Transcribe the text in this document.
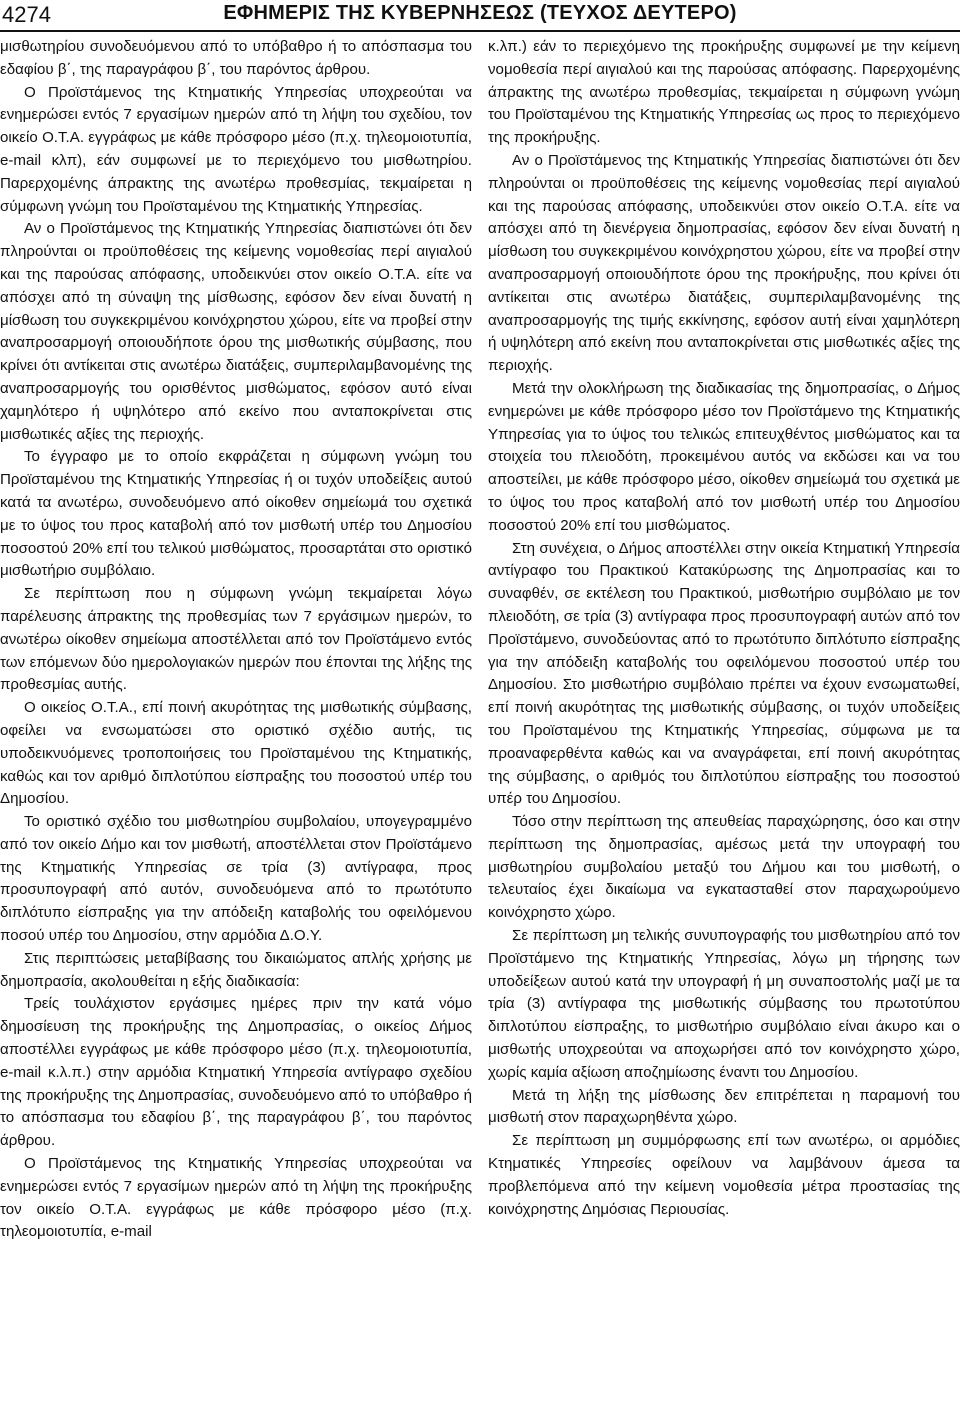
4274	ΕΦΗΜΕΡΙΣ ΤΗΣ ΚΥΒΕΡΝΗΣΕΩΣ (ΤΕΥΧΟΣ ΔΕΥΤΕΡΟ)

μισθωτηρίου συνοδευόμενου από το υπόβαθρο ή το απόσπασμα του εδαφίου β΄, της παραγράφου β΄, του παρόντος άρθρου.

Ο Προϊστάμενος της Κτηματικής Υπηρεσίας υποχρεούται να ενημερώσει εντός 7 εργασίμων ημερών από τη λήψη του σχεδίου, τον οικείο Ο.Τ.Α. εγγράφως με κάθε πρόσφορο μέσο (π.χ. τηλεομοιοτυπία, e-mail κλπ), εάν συμφωνεί με το περιεχόμενο του μισθωτηρίου. Παρερχομένης άπρακτης της ανωτέρω προθεσμίας, τεκμαίρεται η σύμφωνη γνώμη του Προϊσταμένου της Κτηματικής Υπηρεσίας.

Αν ο Προϊστάμενος της Κτηματικής Υπηρεσίας διαπιστώνει ότι δεν πληρούνται οι προϋποθέσεις της κείμενης νομοθεσίας περί αιγιαλού και της παρούσας απόφασης, υποδεικνύει στον οικείο Ο.Τ.Α. είτε να απόσχει από τη σύναψη της μίσθωσης, εφόσον δεν είναι δυνατή η μίσθωση του συγκεκριμένου κοινόχρηστου χώρου, είτε να προβεί στην αναπροσαρμογή οποιουδήποτε όρου της μισθωτικής σύμβασης, που κρίνει ότι αντίκειται στις ανωτέρω διατάξεις, συμπεριλαμβανομένης της αναπροσαρμογής του ορισθέντος μισθώματος, εφόσον αυτό είναι χαμηλότερο ή υψηλότερο από εκείνο που ανταποκρίνεται στις μισθωτικές αξίες της περιοχής.

Το έγγραφο με το οποίο εκφράζεται η σύμφωνη γνώμη του Προϊσταμένου της Κτηματικής Υπηρεσίας ή οι τυχόν υποδείξεις αυτού κατά τα ανωτέρω, συνοδευόμενο από οίκοθεν σημείωμά του σχετικά με το ύψος του προς καταβολή από τον μισθωτή υπέρ του Δημοσίου ποσοστού 20% επί του τελικού μισθώματος, προσαρτάται στο οριστικό μισθωτήριο συμβόλαιο.

Σε περίπτωση που η σύμφωνη γνώμη τεκμαίρεται λόγω παρέλευσης άπρακτης της προθεσμίας των 7 εργάσιμων ημερών, το ανωτέρω οίκοθεν σημείωμα αποστέλλεται από τον Προϊστάμενο εντός των επόμενων δύο ημερολογιακών ημερών που έπονται της λήξης της προθεσμίας αυτής.

Ο οικείος Ο.Τ.Α., επί ποινή ακυρότητας της μισθωτικής σύμβασης, οφείλει να ενσωματώσει στο οριστικό σχέδιο αυτής, τις υποδεικνυόμενες τροποποιήσεις του Προϊσταμένου της Κτηματικής, καθώς και τον αριθμό διπλοτύπου είσπραξης του ποσοστού υπέρ του Δημοσίου.

Το οριστικό σχέδιο του μισθωτηρίου συμβολαίου, υπογεγραμμένο από τον οικείο Δήμο και τον μισθωτή, αποστέλλεται στον Προϊστάμενο της Κτηματικής Υπηρεσίας σε τρία (3) αντίγραφα, προς προσυπογραφή από αυτόν, συνοδευόμενα από το πρωτότυπο διπλότυπο είσπραξης για την απόδειξη καταβολής του οφειλόμενου ποσού υπέρ του Δημοσίου, στην αρμόδια Δ.Ο.Υ.

Στις περιπτώσεις μεταβίβασης του δικαιώματος απλής χρήσης με δημοπρασία, ακολουθείται η εξής διαδικασία:

Τρείς τουλάχιστον εργάσιμες ημέρες πριν την κατά νόμο δημοσίευση της προκήρυξης της Δημοπρασίας, ο οικείος Δήμος αποστέλλει εγγράφως με κάθε πρόσφορο μέσο (π.χ. τηλεομοιοτυπία, e-mail κ.λ.π.) στην αρμόδια Κτηματική Υπηρεσία αντίγραφο σχεδίου της προκήρυξης της Δημοπρασίας, συνοδευόμενο από το υπόβαθρο ή το απόσπασμα του εδαφίου β΄, της παραγράφου β΄, του παρόντος άρθρου.

Ο Προϊστάμενος της Κτηματικής Υπηρεσίας υποχρεούται να ενημερώσει εντός 7 εργασίμων ημερών από τη λήψη της προκήρυξης τον οικείο Ο.Τ.Α. εγγράφως με κάθε πρόσφορο μέσο (π.χ. τηλεομοιοτυπία, e-mail

κ.λπ.) εάν το περιεχόμενο της προκήρυξης συμφωνεί με την κείμενη νομοθεσία περί αιγιαλού και της παρούσας απόφασης. Παρερχομένης άπρακτης της ανωτέρω προθεσμίας, τεκμαίρεται η σύμφωνη γνώμη του Προϊσταμένου της Κτηματικής Υπηρεσίας ως προς το περιεχόμενο της προκήρυξης.

Αν ο Προϊστάμενος της Κτηματικής Υπηρεσίας διαπιστώνει ότι δεν πληρούνται οι προϋποθέσεις της κείμενης νομοθεσίας περί αιγιαλού και της παρούσας απόφασης, υποδεικνύει στον οικείο Ο.Τ.Α. είτε να απόσχει από τη διενέργεια δημοπρασίας, εφόσον δεν είναι δυνατή η μίσθωση του συγκεκριμένου κοινόχρηστου χώρου, είτε να προβεί στην αναπροσαρμογή οποιουδήποτε όρου της προκήρυξης, που κρίνει ότι αντίκειται στις ανωτέρω διατάξεις, συμπεριλαμβανομένης της αναπροσαρμογής της τιμής εκκίνησης, εφόσον αυτή είναι χαμηλότερη ή υψηλότερη από εκείνη που ανταποκρίνεται στις μισθωτικές αξίες της περιοχής.

Μετά την ολοκλήρωση της διαδικασίας της δημοπρασίας, ο Δήμος ενημερώνει με κάθε πρόσφορο μέσο τον Προϊστάμενο της Κτηματικής Υπηρεσίας για το ύψος του τελικώς επιτευχθέντος μισθώματος και τα στοιχεία του πλειοδότη, προκειμένου αυτός να εκδώσει και να του αποστείλει, με κάθε πρόσφορο μέσο, οίκοθεν σημείωμά του σχετικά με το ύψος του προς καταβολή από τον μισθωτή υπέρ του Δημοσίου ποσοστού 20% επί του μισθώματος.

Στη συνέχεια, ο Δήμος αποστέλλει στην οικεία Κτηματική Υπηρεσία αντίγραφο του Πρακτικού Κατακύρωσης της Δημοπρασίας και το συναφθέν, σε εκτέλεση του Πρακτικού, μισθωτήριο συμβόλαιο με τον πλειοδότη, σε τρία (3) αντίγραφα προς προσυπογραφή αυτών από τον Προϊστάμενο, συνοδεύοντας από το πρωτότυπο διπλότυπο είσπραξης για την απόδειξη καταβολής του οφειλόμενου ποσοστού υπέρ του Δημοσίου. Στο μισθωτήριο συμβόλαιο πρέπει να έχουν ενσωματωθεί, επί ποινή ακυρότητας της μισθωτικής σύμβασης, οι τυχόν υποδείξεις του Προϊσταμένου της Κτηματικής Υπηρεσίας, σύμφωνα με τα προαναφερθέντα καθώς και να αναγράφεται, επί ποινή ακυρότητας της σύμβασης, ο αριθμός του διπλοτύπου είσπραξης του ποσοστού υπέρ του Δημοσίου.

Τόσο στην περίπτωση της απευθείας παραχώρησης, όσο και στην περίπτωση της δημοπρασίας, αμέσως μετά την υπογραφή του μισθωτηρίου συμβολαίου μεταξύ του Δήμου και του μισθωτή, ο τελευταίος έχει δικαίωμα να εγκατασταθεί στον παραχωρούμενο κοινόχρηστο χώρο.

Σε περίπτωση μη τελικής συνυπογραφής του μισθωτηρίου από τον Προϊστάμενο της Κτηματικής Υπηρεσίας, λόγω μη τήρησης των υποδείξεων αυτού κατά την υπογραφή ή μη συναποστολής μαζί με τα τρία (3) αντίγραφα της μισθωτικής σύμβασης του πρωτοτύπου διπλοτύπου είσπραξης, το μισθωτήριο συμβόλαιο είναι άκυρο και ο μισθωτής υποχρεούται να αποχωρήσει από τον κοινόχρηστο χώρο, χωρίς καμία αξίωση αποζημίωσης έναντι του Δημοσίου.

Μετά τη λήξη της μίσθωσης δεν επιτρέπεται η παραμονή του μισθωτή στον παραχωρηθέντα χώρο.

Σε περίπτωση μη συμμόρφωσης επί των ανωτέρω, οι αρμόδιες Κτηματικές Υπηρεσίες οφείλουν να λαμβάνουν άμεσα τα προβλεπόμενα από την κείμενη νομοθεσία μέτρα προστασίας της κοινόχρηστης Δημόσιας Περιουσίας.
